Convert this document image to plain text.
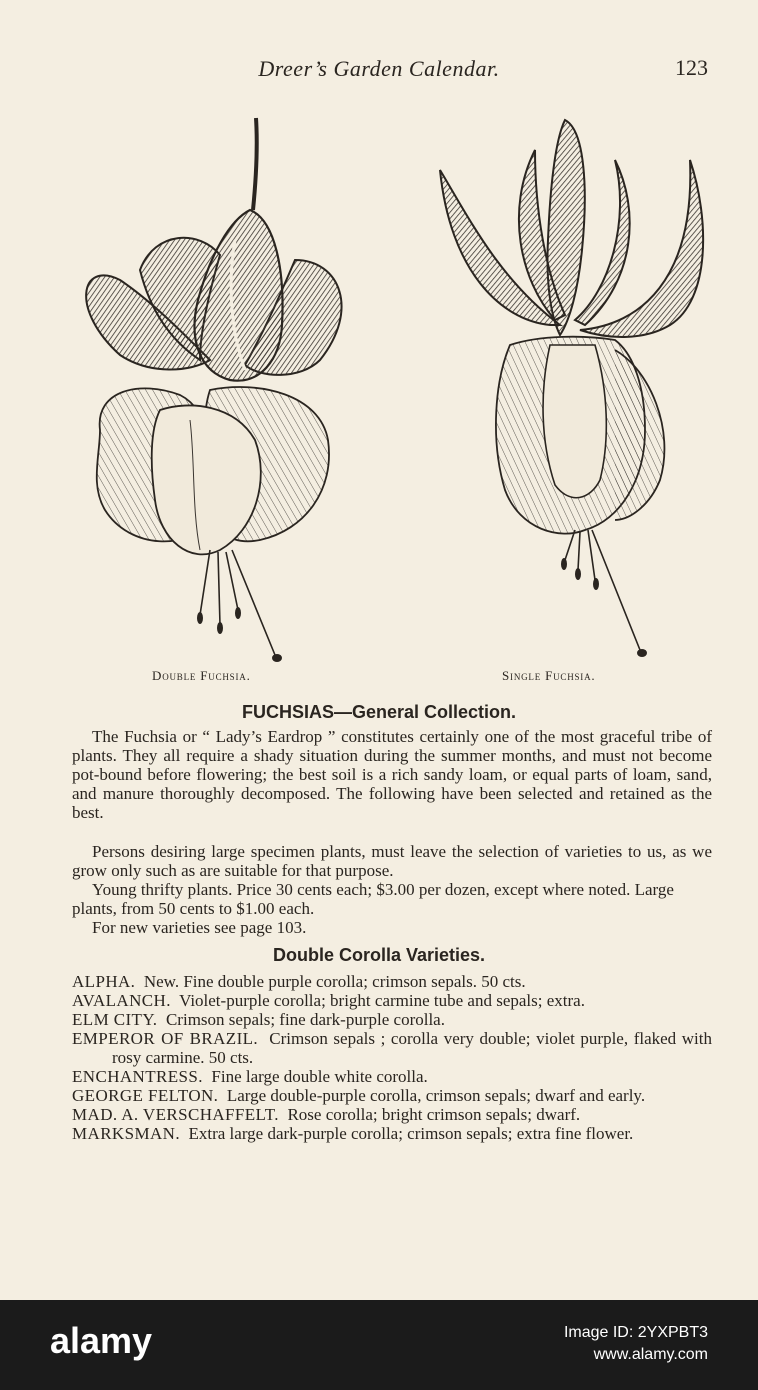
Dreer’s Garden Calendar.	123
Double Fuchsia.	Single Fuchsia.
FUCHSIAS—General Collection.

The Fuchsia or “ Lady’s Eardrop ” constitutes certainly one of the most graceful tribe of plants. They all require a shady situation during the summer months, and must not become pot-bound before flowering; the best soil is a rich sandy loam, or equal parts of loam, sand, and manure thoroughly decomposed. The following have been selected and retained as the best.

Persons desiring large specimen plants, must leave the selection of varieties to us, as we grow only such as are suitable for that purpose.

Young thrifty plants. Price 30 cents each; $3.00 per dozen, except where noted. Large plants, from 50 cents to $1.00 each.

For new varieties see page 103.

Double Corolla Varieties.

ALPHA. New. Fine double purple corolla; crimson sepals. 50 cts.

AVALANCH. Violet-purple corolla; bright carmine tube and sepals; extra.

ELM CITY. Crimson sepals; fine dark-purple corolla.

EMPEROR OF BRAZIL. Crimson sepals ; corolla very double; violet purple, flaked with rosy carmine. 50 cts.

ENCHANTRESS. Fine large double white corolla.

GEORGE FELTON. Large double-purple corolla, crimson sepals; dwarf and early.

MAD. A. VERSCHAFFELT. Rose corolla; bright crimson sepals; dwarf.

MARKSMAN. Extra large dark-purple corolla; crimson sepals; extra fine flower.

alamy	Image ID: 2YXPBT3
www.alamy.com
